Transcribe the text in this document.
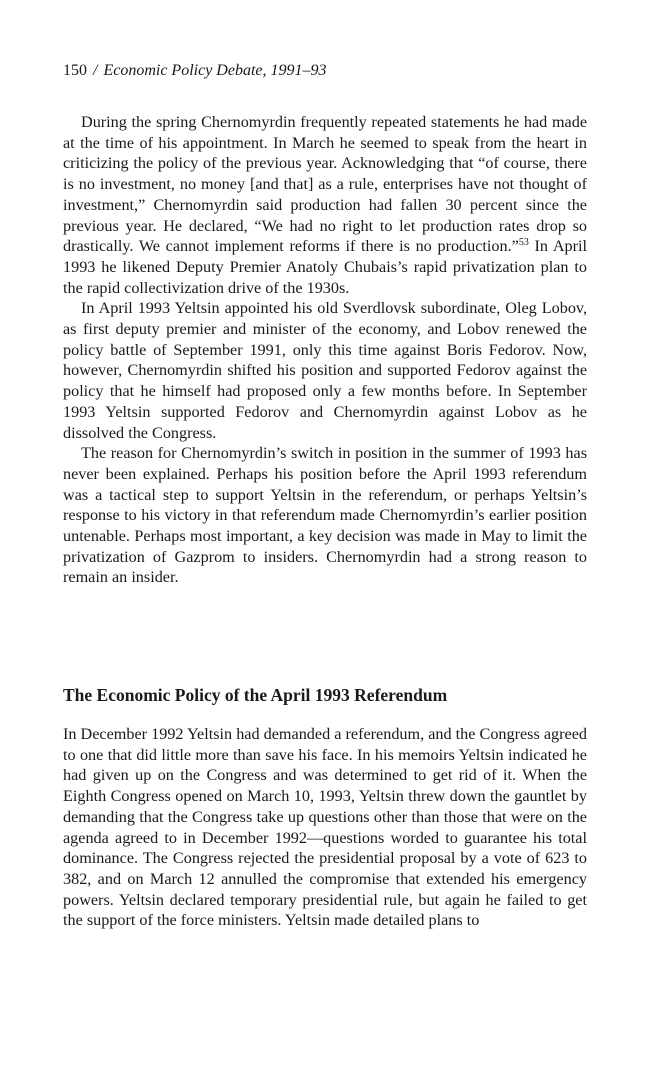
150 / Economic Policy Debate, 1991–93

During the spring Chernomyrdin frequently repeated statements he had made at the time of his appointment. In March he seemed to speak from the heart in criticizing the policy of the previous year. Acknowledging that “of course, there is no investment, no money [and that] as a rule, enterprises have not thought of investment,” Chernomyrdin said production had fallen 30 percent since the previous year. He declared, “We had no right to let production rates drop so drastically. We cannot implement reforms if there is no production.”$^{53}$ In April 1993 he likened Deputy Premier Anatoly Chubais’s rapid privatization plan to the rapid collectivization drive of the 1930s.

In April 1993 Yeltsin appointed his old Sverdlovsk subordinate, Oleg Lobov, as first deputy premier and minister of the economy, and Lobov renewed the policy battle of September 1991, only this time against Boris Fedorov. Now, however, Chernomyrdin shifted his position and supported Fedorov against the policy that he himself had proposed only a few months before. In September 1993 Yeltsin supported Fedorov and Chernomyrdin against Lobov as he dissolved the Congress.

The reason for Chernomyrdin’s switch in position in the summer of 1993 has never been explained. Perhaps his position before the April 1993 referendum was a tactical step to support Yeltsin in the referendum, or perhaps Yeltsin’s response to his victory in that referendum made Chernomyrdin’s earlier position untenable. Perhaps most important, a key decision was made in May to limit the privatization of Gazprom to insiders. Chernomyrdin had a strong reason to remain an insider.

The Economic Policy of the April 1993 Referendum

In December 1992 Yeltsin had demanded a referendum, and the Congress agreed to one that did little more than save his face. In his memoirs Yeltsin indicated he had given up on the Congress and was determined to get rid of it. When the Eighth Congress opened on March 10, 1993, Yeltsin threw down the gauntlet by demanding that the Congress take up questions other than those that were on the agenda agreed to in December 1992—questions worded to guarantee his total dominance. The Congress rejected the presidential proposal by a vote of 623 to 382, and on March 12 annulled the compromise that extended his emergency powers. Yeltsin declared temporary presidential rule, but again he failed to get the support of the force ministers. Yeltsin made detailed plans to
